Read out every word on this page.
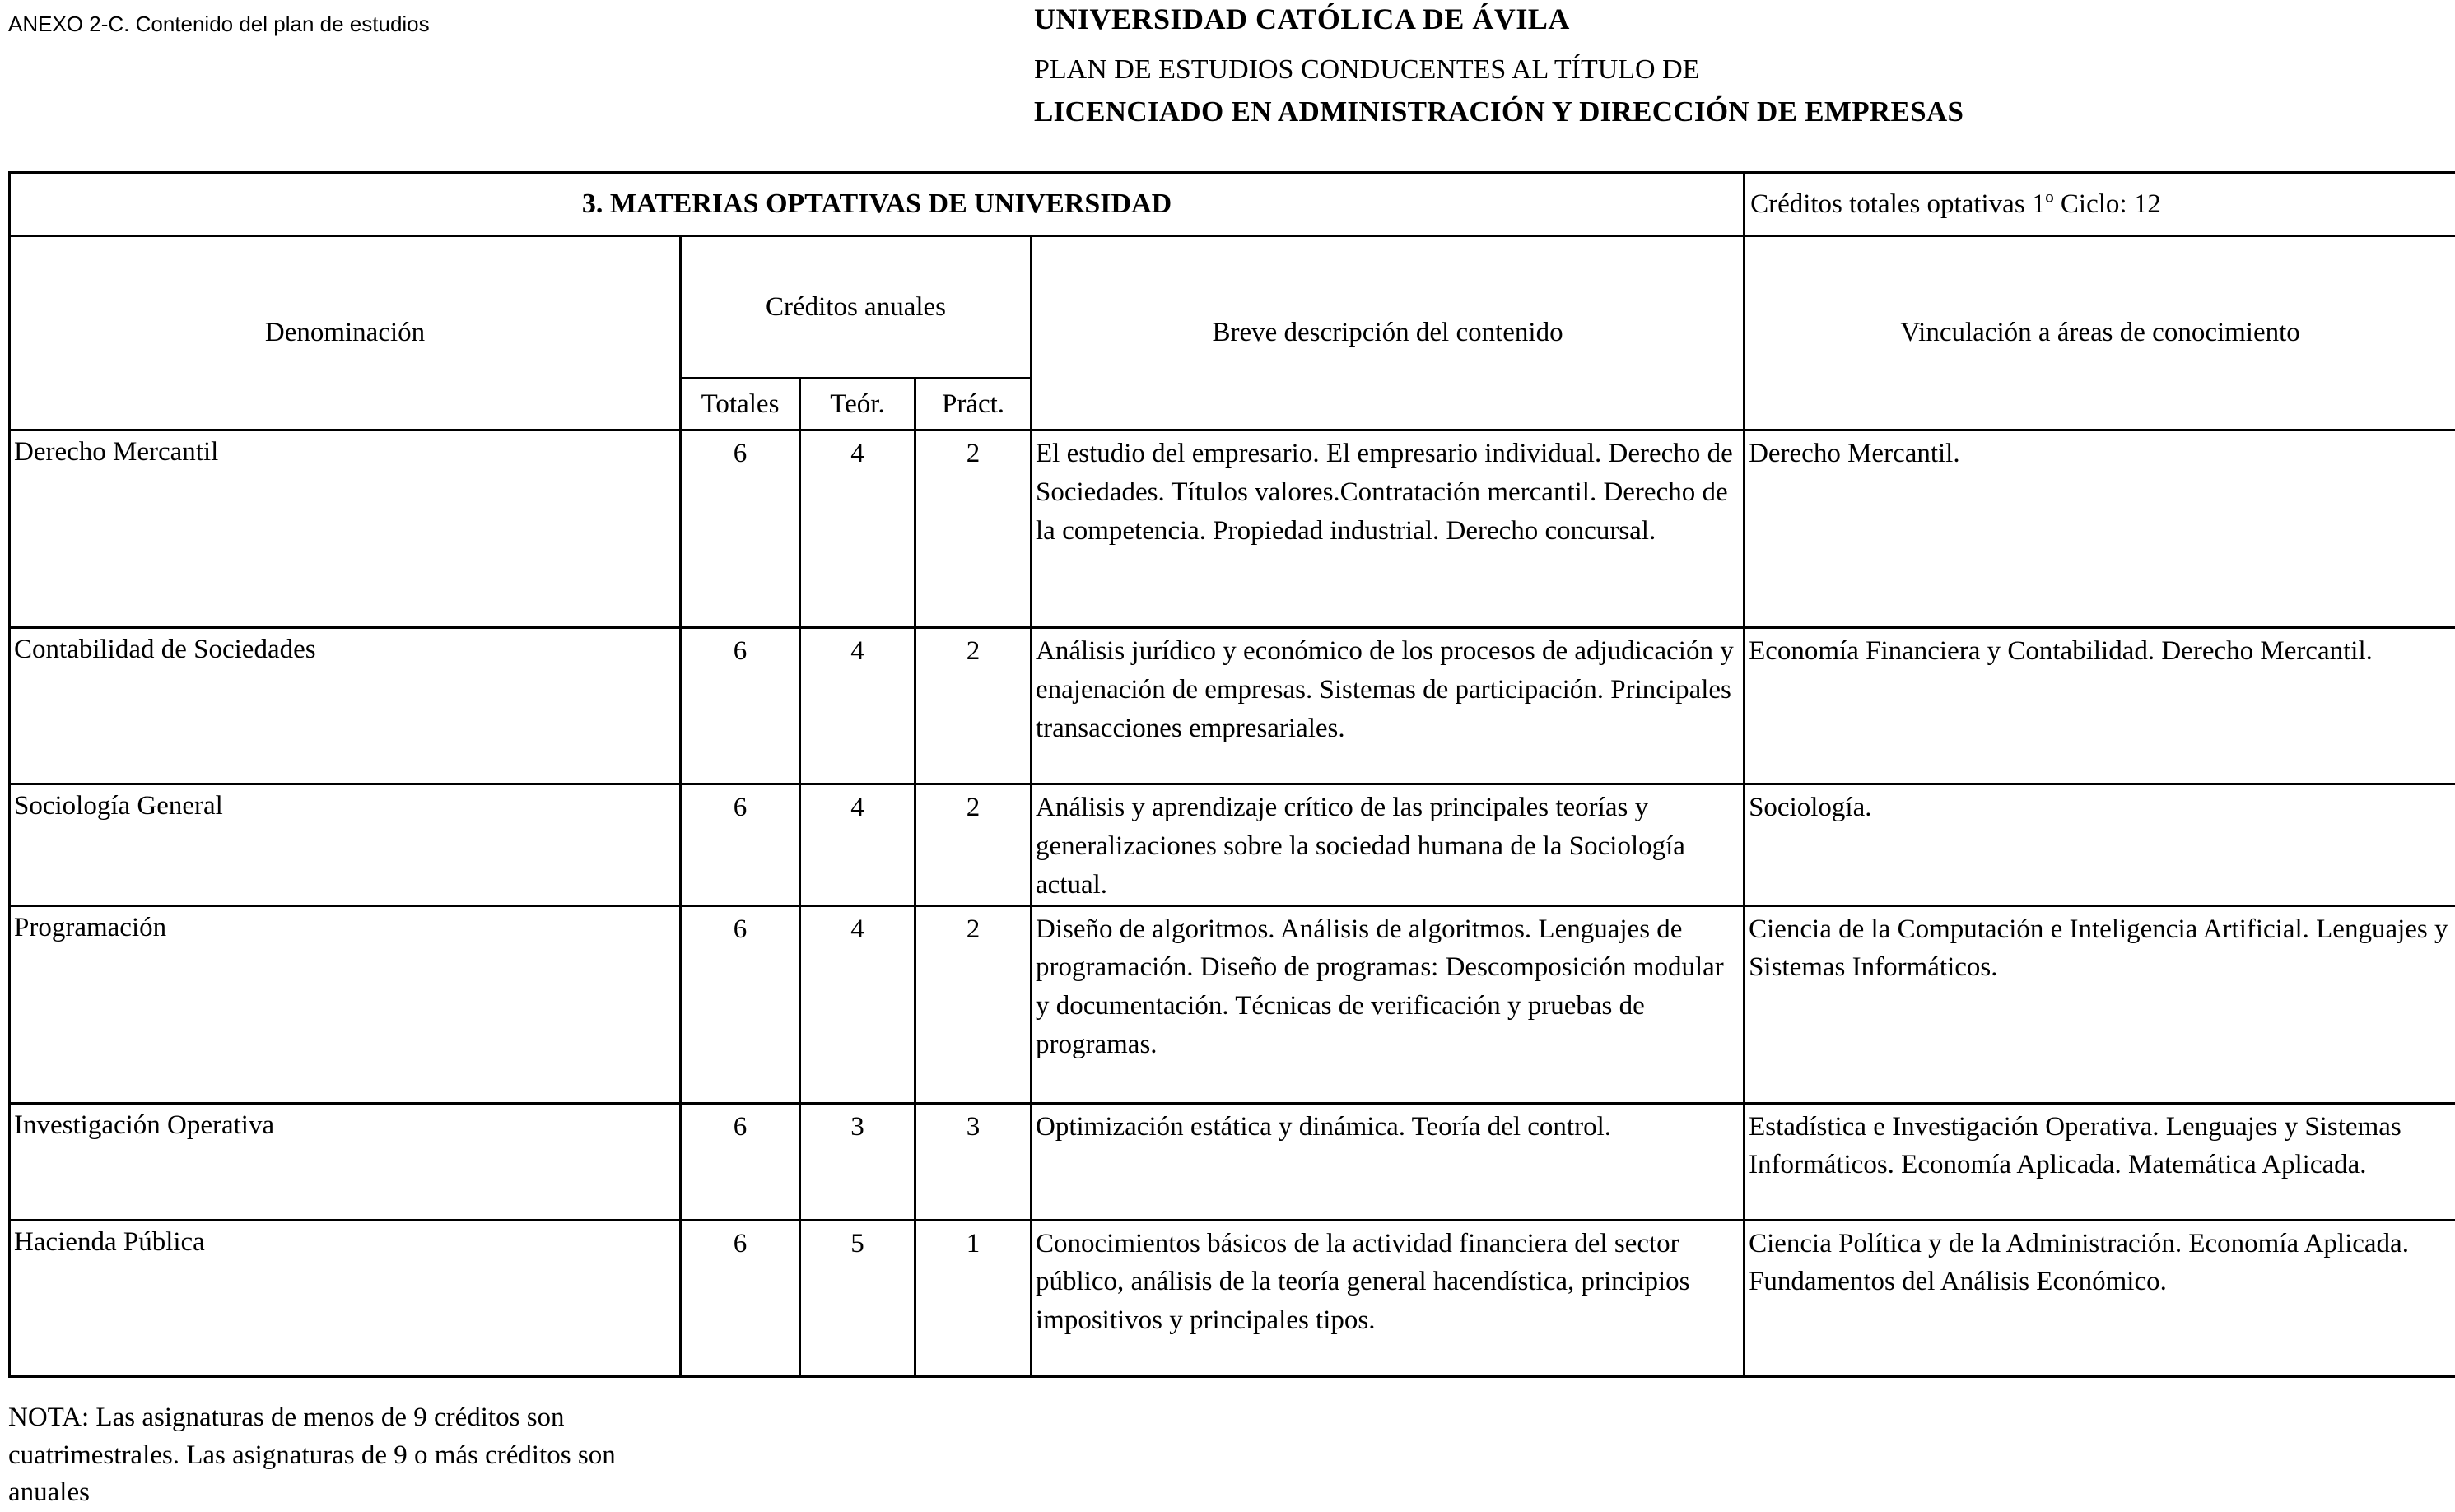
ANEXO 2-C. Contenido del plan de estudios	UNIVERSIDAD CATÓLICA DE ÁVILA
PLAN DE ESTUDIOS CONDUCENTES AL TÍTULO DE
LICENCIADO EN ADMINISTRACIÓN Y DIRECCIÓN DE EMPRESAS
3. MATERIAS OPTATIVAS DE UNIVERSIDAD					Créditos totales optativas 1º Ciclo: 12
Denominación	Créditos anuales			Breve descripción del contenido	Vinculación a áreas de conocimiento
	Totales	Teór.	Práct.		
Derecho Mercantil	6	4	2	El estudio del empresario. El empresario individual. Derecho de Sociedades. Títulos valores.Contratación mercantil. Derecho de la competencia. Propiedad industrial. Derecho concursal.	Derecho Mercantil.
Contabilidad de Sociedades	6	4	2	Análisis jurídico y económico de los procesos de adjudicación y enajenación de empresas. Sistemas de participación. Principales transacciones empresariales.	Economía Financiera y Contabilidad. Derecho Mercantil.
Sociología General	6	4	2	Análisis y aprendizaje crítico de las principales teorías y generalizaciones sobre la sociedad humana de la Sociología actual.	Sociología.
Programación	6	4	2	Diseño de algoritmos. Análisis de algoritmos. Lenguajes de programación. Diseño de programas: Descomposición modular y documentación. Técnicas de verificación y pruebas de programas.	Ciencia de la Computación e Inteligencia Artificial. Lenguajes y Sistemas Informáticos.
Investigación Operativa	6	3	3	Optimización estática y dinámica. Teoría del control.	Estadística e Investigación Operativa. Lenguajes y Sistemas Informáticos. Economía Aplicada. Matemática Aplicada.
Hacienda Pública	6	5	1	Conocimientos básicos de la actividad financiera del sector público, análisis de la teoría general hacendística, principios impositivos y principales tipos.	Ciencia Política y de la Administración. Economía Aplicada. Fundamentos del Análisis Económico.
NOTA: Las asignaturas de menos de 9 créditos son cuatrimestrales. Las asignaturas de 9 o más créditos son anuales
